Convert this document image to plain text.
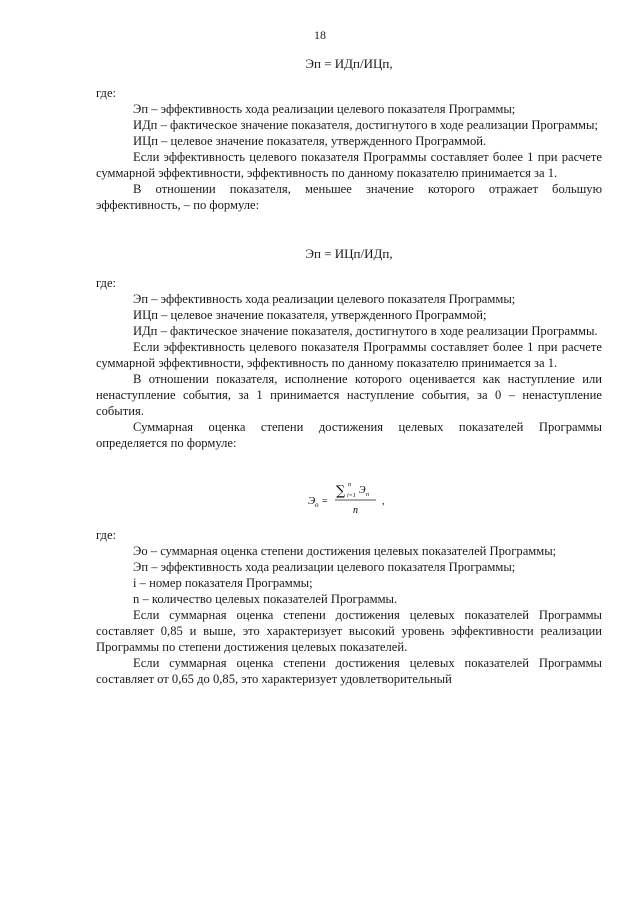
18
Эп = ИДп/ИЦп,
где:

Эп – эффективность хода реализации целевого показателя Программы;

ИДп – фактическое значение показателя, достигнутого в ходе реализации Программы;

ИЦп – целевое значение показателя, утвержденного Программой.

Если эффективность целевого показателя Программы составляет более 1 при расчете суммарной эффективности, эффективность по данному показателю принимается за 1.

В отношении показателя, меньшее значение которого отражает большую эффективность, – по формуле:

Эп = ИЦп/ИДп,
где:

Эп – эффективность хода реализации целевого показателя Программы;

ИЦп – целевое значение показателя, утвержденного Программой;

ИДп – фактическое значение показателя, достигнутого в ходе реализации Программы.

Если эффективность целевого показателя Программы составляет более 1 при расчете суммарной эффективности, эффективность по данному показателю принимается за 1.

В отношении показателя, исполнение которого оценивается как наступление или ненаступление события, за 1 принимается наступление события, за 0 – ненаступление события.

Суммарная оценка степени достижения целевых показателей Программы определяется по формуле:

Э о =
∑ n
i=1 Э п
n
,
где:

Эо – суммарная оценка степени достижения целевых показателей Программы;

Эп – эффективность хода реализации целевого показателя Программы;

i – номер показателя Программы;

n – количество целевых показателей Программы.

Если суммарная оценка степени достижения целевых показателей Программы составляет 0,85 и выше, это характеризует высокий уровень эффективности реализации Программы по степени достижения целевых показателей.

Если суммарная оценка степени достижения целевых показателей Программы составляет от 0,65 до 0,85, это характеризует удовлетворительный
